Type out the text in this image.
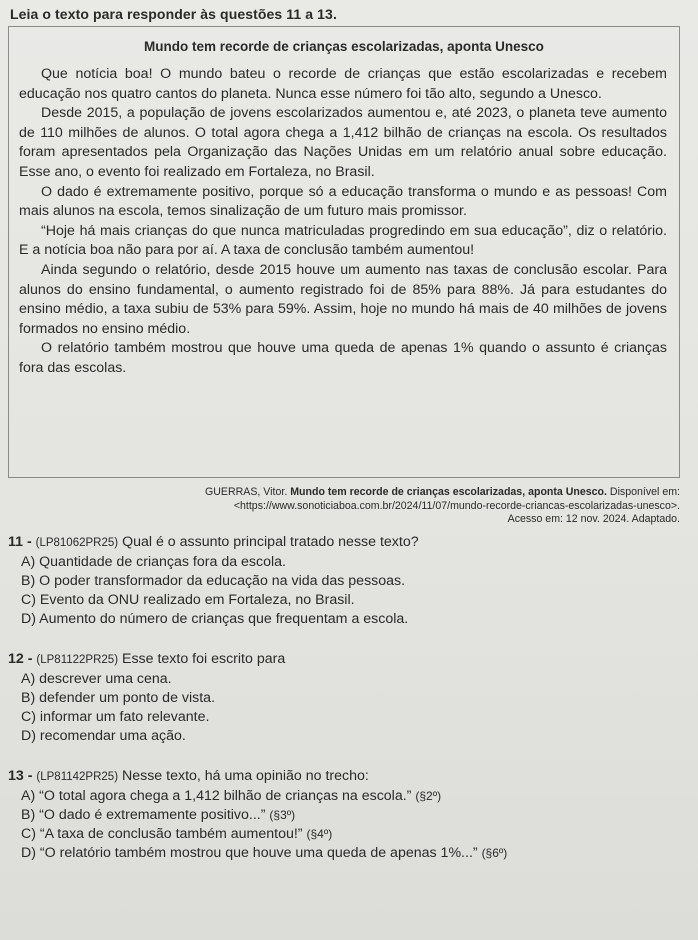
Leia o texto para responder às questões 11 a 13.
Mundo tem recorde de crianças escolarizadas, aponta Unesco

Que notícia boa! O mundo bateu o recorde de crianças que estão escolarizadas e recebem educação nos quatro cantos do planeta. Nunca esse número foi tão alto, segundo a Unesco.

Desde 2015, a população de jovens escolarizados aumentou e, até 2023, o planeta teve aumento de 110 milhões de alunos. O total agora chega a 1,412 bilhão de crianças na escola. Os resultados foram apresentados pela Organização das Nações Unidas em um relatório anual sobre educação. Esse ano, o evento foi realizado em Fortaleza, no Brasil.

O dado é extremamente positivo, porque só a educação transforma o mundo e as pessoas! Com mais alunos na escola, temos sinalização de um futuro mais promissor.

“Hoje há mais crianças do que nunca matriculadas progredindo em sua educação”, diz o relatório. E a notícia boa não para por aí. A taxa de conclusão também aumentou!

Ainda segundo o relatório, desde 2015 houve um aumento nas taxas de conclusão escolar. Para alunos do ensino fundamental, o aumento registrado foi de 85% para 88%. Já para estudantes do ensino médio, a taxa subiu de 53% para 59%. Assim, hoje no mundo há mais de 40 milhões de jovens formados no ensino médio.

O relatório também mostrou que houve uma queda de apenas 1% quando o assunto é crianças fora das escolas.

GUERRAS, Vitor. Mundo tem recorde de crianças escolarizadas, aponta Unesco. Disponível em:
<https://www.sonoticiaboa.com.br/2024/11/07/mundo-recorde-criancas-escolarizadas-unesco>.
Acesso em: 12 nov. 2024. Adaptado.
11 - (LP81062PR25) Qual é o assunto principal tratado nesse texto?
A) Quantidade de crianças fora da escola.
B) O poder transformador da educação na vida das pessoas.
C) Evento da ONU realizado em Fortaleza, no Brasil.
D) Aumento do número de crianças que frequentam a escola.
12 - (LP81122PR25) Esse texto foi escrito para
A) descrever uma cena.
B) defender um ponto de vista.
C) informar um fato relevante.
D) recomendar uma ação.
13 - (LP81142PR25) Nesse texto, há uma opinião no trecho:
A) “O total agora chega a 1,412 bilhão de crianças na escola.” (§2º)
B) “O dado é extremamente positivo...” (§3º)
C) “A taxa de conclusão também aumentou!” (§4º)
D) “O relatório também mostrou que houve uma queda de apenas 1%...” (§6º)
